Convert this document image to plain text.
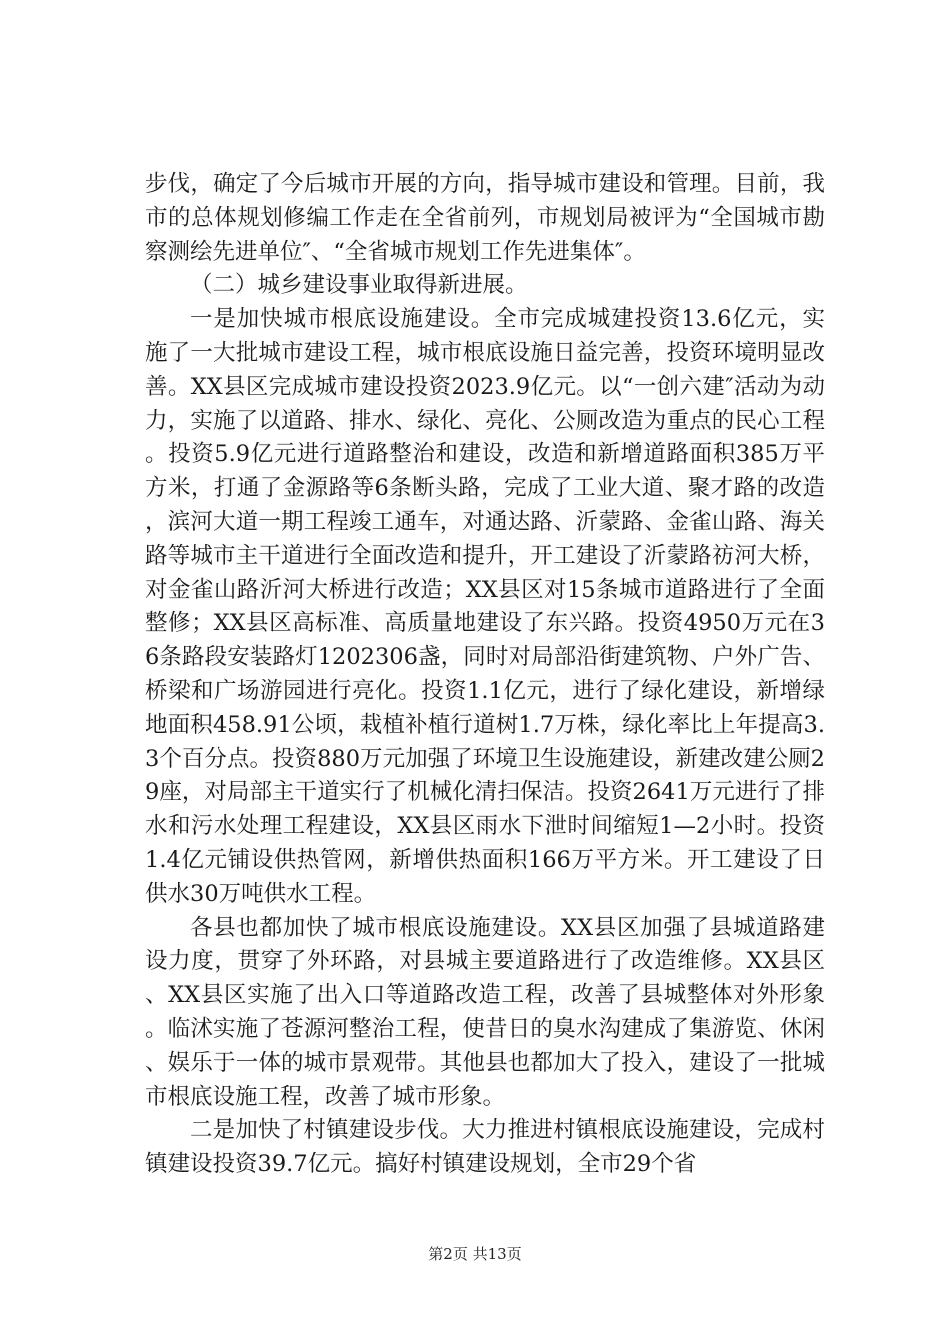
步伐，确定了今后城市开展的方向，指导城市建设和管理。目前，我市的总体规划修编工作走在全省前列，市规划局被评为“全国城市勘察测绘先进单位″、“全省城市规划工作先进集体″。

（二）城乡建设事业取得新进展。

一是加快城市根底设施建设。全市完成城建投资13.6亿元，实施了一大批城市建设工程，城市根底设施日益完善，投资环境明显改善。XX县区完成城市建设投资2023.9亿元。以“一创六建″活动为动力，实施了以道路、排水、绿化、亮化、公厕改造为重点的民心工程。投资5.9亿元进行道路整治和建设，改造和新增道路面积385万平方米，打通了金源路等6条断头路，完成了工业大道、聚才路的改造，滨河大道一期工程竣工通车，对通达路、沂蒙路、金雀山路、海关路等城市主干道进行全面改造和提升，开工建设了沂蒙路祊河大桥，对金雀山路沂河大桥进行改造；XX县区对15条城市道路进行了全面整修；XX县区高标准、高质量地建设了东兴路。投资4950万元在36条路段安装路灯1202306盏，同时对局部沿街建筑物、户外广告、桥梁和广场游园进行亮化。投资1.1亿元，进行了绿化建设，新增绿地面积458.91公顷，栽植补植行道树1.7万株，绿化率比上年提高3.3个百分点。投资880万元加强了环境卫生设施建设，新建改建公厕29座，对局部主干道实行了机械化清扫保洁。投资2641万元进行了排水和污水处理工程建设，XX县区雨水下泄时间缩短1—2小时。投资1.4亿元铺设供热管网，新增供热面积166万平方米。开工建设了日供水30万吨供水工程。

各县也都加快了城市根底设施建设。XX县区加强了县城道路建设力度，贯穿了外环路，对县城主要道路进行了改造维修。XX县区、XX县区实施了出入口等道路改造工程，改善了县城整体对外形象。临沭实施了苍源河整治工程，使昔日的臭水沟建成了集游览、休闲、娱乐于一体的城市景观带。其他县也都加大了投入，建设了一批城市根底设施工程，改善了城市形象。

二是加快了村镇建设步伐。大力推进村镇根底设施建设，完成村镇建设投资39.7亿元。搞好村镇建设规划，全市29个省

第2页 共13页
